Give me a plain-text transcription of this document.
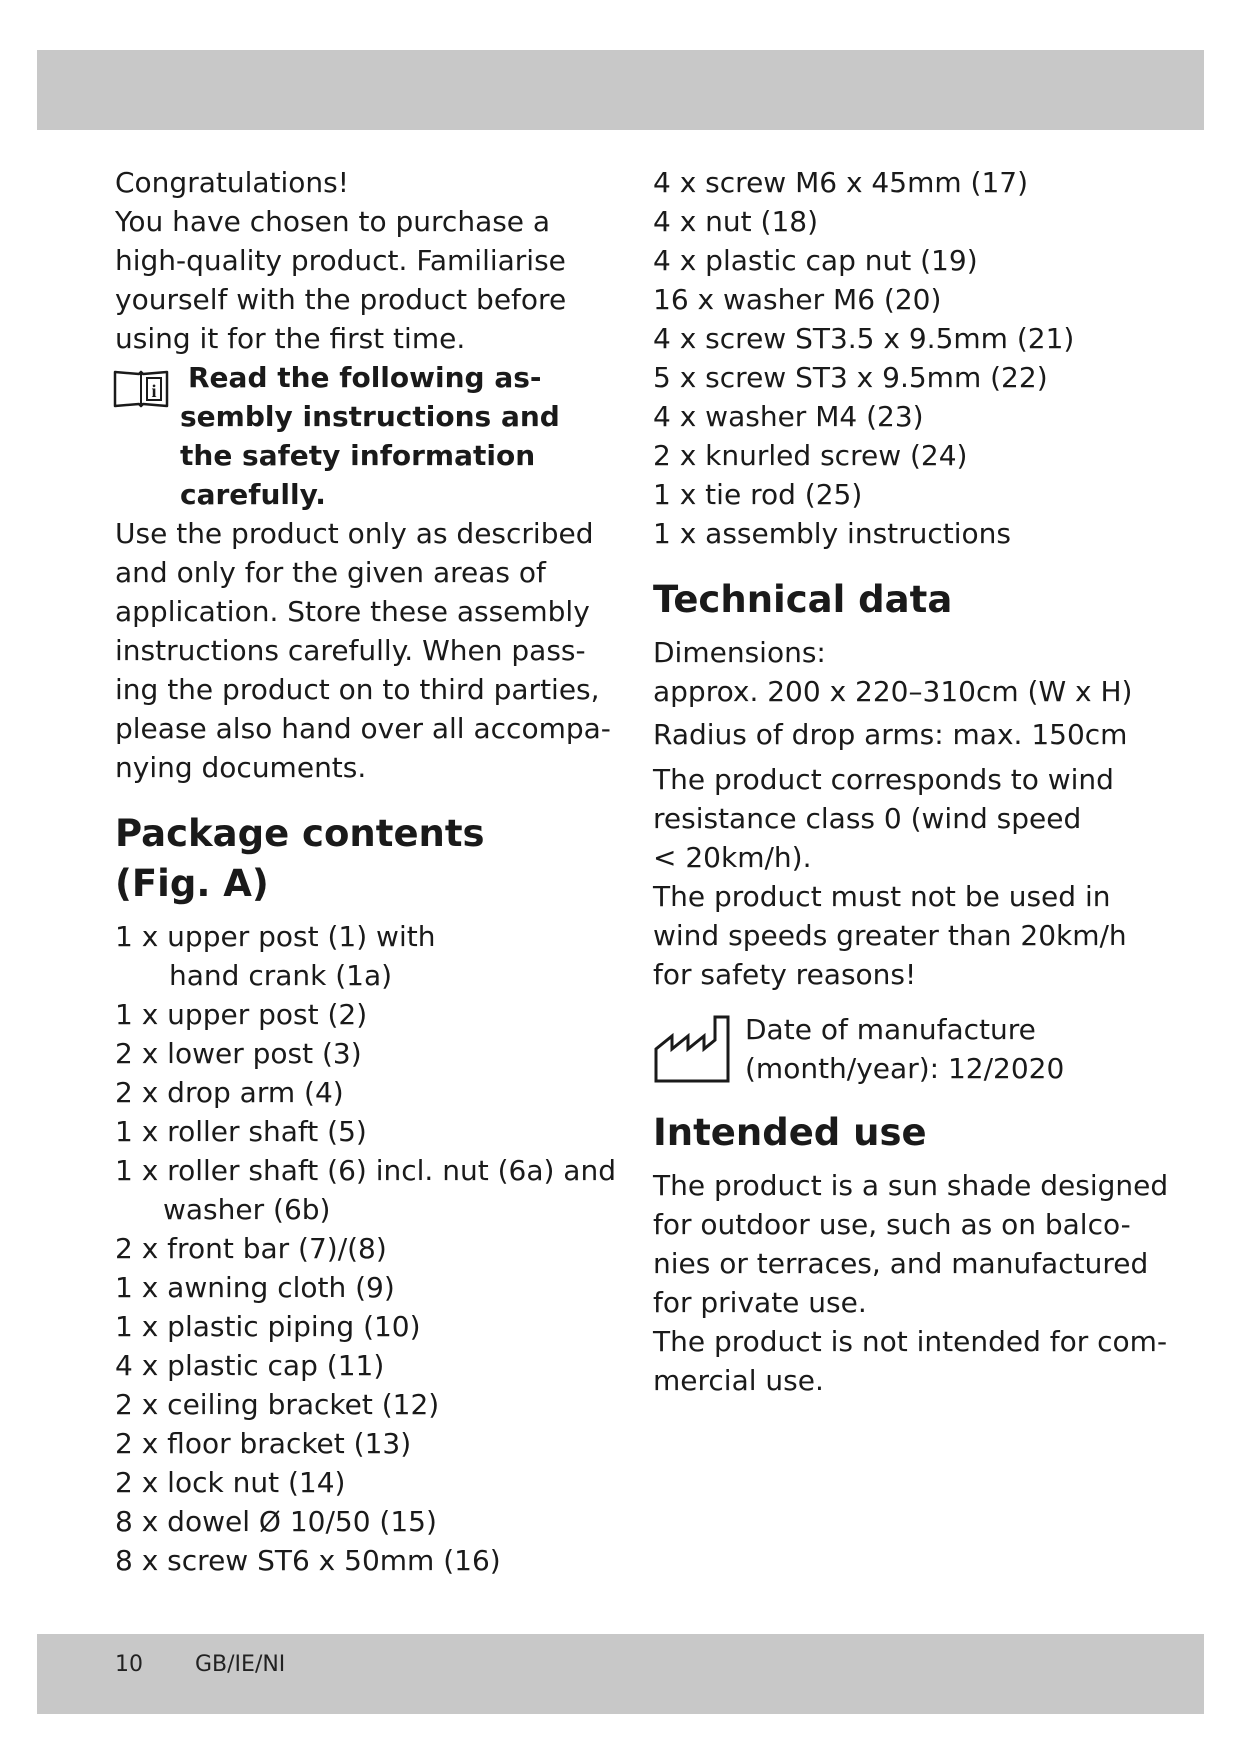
Congratulations!

You have chosen to purchase a

high-quality product. Familiarise

yourself with the product before

using it for the first time.

i	Read the following as-
sembly instructions and
the safety information
carefully.

Use the product only as described

and only for the given areas of

application. Store these assembly

instructions carefully. When pass-

ing the product on to third parties,

please also hand over all accompa-

nying documents.

Package contents
(Fig. A)
1 x upper post (1) with
hand crank (1a)
1 x upper post (2)
2 x lower post (3)
2 x drop arm (4)
1 x roller shaft (5)
1 x roller shaft (6) incl. nut (6a) and
washer (6b)
2 x front bar (7)/(8)
1 x awning cloth (9)
1 x plastic piping (10)
4 x plastic cap (11)
2 x ceiling bracket (12)
2 x floor bracket (13)
2 x lock nut (14)
8 x dowel Ø 10/50 (15)
8 x screw ST6 x 50mm (16)
4 x screw M6 x 45mm (17)
4 x nut (18)
4 x plastic cap nut (19)
16 x washer M6 (20)
4 x screw ST3.5 x 9.5mm (21)
5 x screw ST3 x 9.5mm (22)
4 x washer M4 (23)
2 x knurled screw (24)
1 x tie rod (25)
1 x assembly instructions
Technical data

Dimensions:

approx. 200 x 220–310cm (W x H)

Radius of drop arms: max. 150cm

The product corresponds to wind

resistance class 0 (wind speed

< 20km/h).

The product must not be used in

wind speeds greater than 20km/h

for safety reasons!

Date of manufacture
(month/year): 12/2020
Intended use

The product is a sun shade designed

for outdoor use, such as on balco-

nies or terraces, and manufactured

for private use.

The product is not intended for com-

mercial use.

10 GB/IE/NI
